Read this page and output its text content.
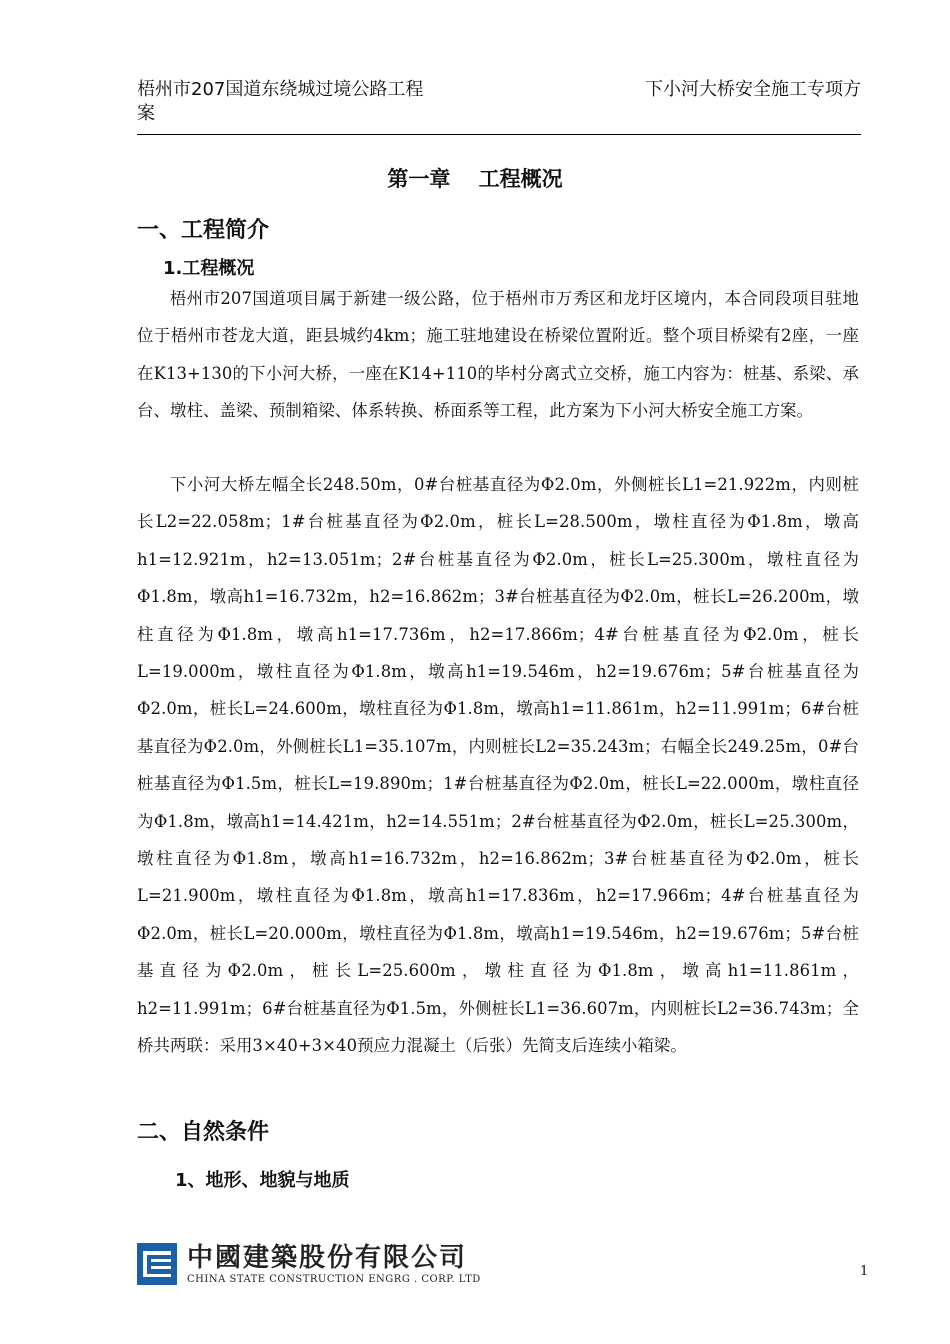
梧州市207国道东绕城过境公路工程	下小河大桥安全施工专项方
案
第一章　 工程概况
一、工程简介
1.工程概况
梧州市207国道项目属于新建一级公路，位于梧州市万秀区和龙圩区境内，本合同段项目驻地位于梧州市苍龙大道，距县城约4km；施工驻地建设在桥梁位置附近。整个项目桥梁有2座，一座在K13+130的下小河大桥，一座在K14+110的毕村分离式立交桥，施工内容为：桩基、系梁、承台、墩柱、盖梁、预制箱梁、体系转换、桥面系等工程，此方案为下小河大桥安全施工方案。
下小河大桥左幅全长248.50m，0#台桩基直径为Φ2.0m，外侧桩长L1=21.922m，内则桩长L2=22.058m；1#台桩基直径为Φ2.0m，桩长L=28.500m，墩柱直径为Φ1.8m，墩高h1=12.921m，h2=13.051m；2#台桩基直径为Φ2.0m，桩长L=25.300m，墩柱直径为Φ1.8m，墩高h1=16.732m，h2=16.862m；3#台桩基直径为Φ2.0m，桩长L=26.200m，墩柱直径为Φ1.8m，墩高h1=17.736m，h2=17.866m；4#台桩基直径为Φ2.0m，桩长L=19.000m，墩柱直径为Φ1.8m，墩高h1=19.546m，h2=19.676m；5#台桩基直径为Φ2.0m，桩长L=24.600m，墩柱直径为Φ1.8m，墩高h1=11.861m，h2=11.991m；6#台桩基直径为Φ2.0m，外侧桩长L1=35.107m，内则桩长L2=35.243m；右幅全长249.25m，0#台桩基直径为Φ1.5m，桩长L=19.890m；1#台桩基直径为Φ2.0m，桩长L=22.000m，墩柱直径为Φ1.8m，墩高h1=14.421m，h2=14.551m；2#台桩基直径为Φ2.0m，桩长L=25.300m，墩柱直径为Φ1.8m，墩高h1=16.732m，h2=16.862m；3#台桩基直径为Φ2.0m，桩长L=21.900m，墩柱直径为Φ1.8m，墩高h1=17.836m，h2=17.966m；4#台桩基直径为Φ2.0m，桩长L=20.000m，墩柱直径为Φ1.8m，墩高h1=19.546m，h2=19.676m；5#台桩基直径为Φ2.0m，桩长L=25.600m，墩柱直径为Φ1.8m，墩高h1=11.861m，h2=11.991m；6#台桩基直径为Φ1.5m，外侧桩长L1=36.607m，内则桩长L2=36.743m；全桥共两联：采用3×40+3×40预应力混凝土（后张）先简支后连续小箱梁。
二、自然条件
1、地形、地貌与地质
中國建築股份有限公司
CHINA STATE CONSTRUCTION ENGRG . CORP. LTD	1
